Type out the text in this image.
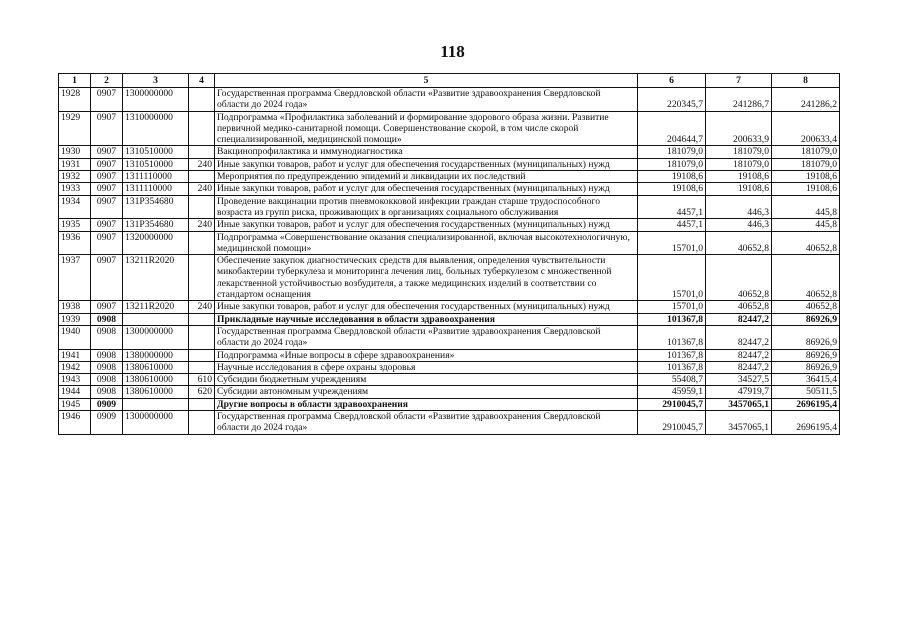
118
1	2	3	4	5	6	7	8
1928	0907	1300000000		Государственная программа Свердловской области «Развитие здравоохранения Свердловской области до 2024 года»	220345,7	241286,7	241286,2
1929	0907	1310000000		Подпрограмма «Профилактика заболеваний и формирование здорового образа жизни. Развитие первичной медико-санитарной помощи. Совершенствование скорой, в том числе скорой специализированной, медицинской помощи»	204644,7	200633,9	200633,4
1930	0907	1310510000		Вакцинопрофилактика и иммунодиагностика	181079,0	181079,0	181079,0
1931	0907	1310510000	240	Иные закупки товаров, работ и услуг для обеспечения государственных (муниципальных) нужд	181079,0	181079,0	181079,0
1932	0907	1311110000		Мероприятия по предупреждению эпидемий и ликвидации их последствий	19108,6	19108,6	19108,6
1933	0907	1311110000	240	Иные закупки товаров, работ и услуг для обеспечения государственных (муниципальных) нужд	19108,6	19108,6	19108,6
1934	0907	131Р354680		Проведение вакцинации против пневмококковой инфекции граждан старше трудоспособного возраста из групп риска, проживающих в организациях социального обслуживания	4457,1	446,3	445,8
1935	0907	131Р354680	240	Иные закупки товаров, работ и услуг для обеспечения государственных (муниципальных) нужд	4457,1	446,3	445,8
1936	0907	1320000000		Подпрограмма «Совершенствование оказания специализированной, включая высокотехнологичную, медицинской помощи»	15701,0	40652,8	40652,8
1937	0907	13211R2020		Обеспечение закупок диагностических средств для выявления, определения чувствительности микобактерии туберкулеза и мониторинга лечения лиц, больных туберкулезом с множественной лекарственной устойчивостью возбудителя, а также медицинских изделий в соответствии со стандартом оснащения	15701,0	40652,8	40652,8
1938	0907	13211R2020	240	Иные закупки товаров, работ и услуг для обеспечения государственных (муниципальных) нужд	15701,0	40652,8	40652,8
1939	0908			Прикладные научные исследования в области здравоохранения	101367,8	82447,2	86926,9
1940	0908	1300000000		Государственная программа Свердловской области «Развитие здравоохранения Свердловской области до 2024 года»	101367,8	82447,2	86926,9
1941	0908	1380000000		Подпрограмма «Иные вопросы в сфере здравоохранения»	101367,8	82447,2	86926,9
1942	0908	1380610000		Научные исследования в сфере охраны здоровья	101367,8	82447,2	86926,9
1943	0908	1380610000	610	Субсидии бюджетным учреждениям	55408,7	34527,5	36415,4
1944	0908	1380610000	620	Субсидии автономным учреждениям	45959,1	47919,7	50511,5
1945	0909			Другие вопросы в области здравоохранения	2910045,7	3457065,1	2696195,4
1946	0909	1300000000		Государственная программа Свердловской области «Развитие здравоохранения Свердловской области до 2024 года»	2910045,7	3457065,1	2696195,4
